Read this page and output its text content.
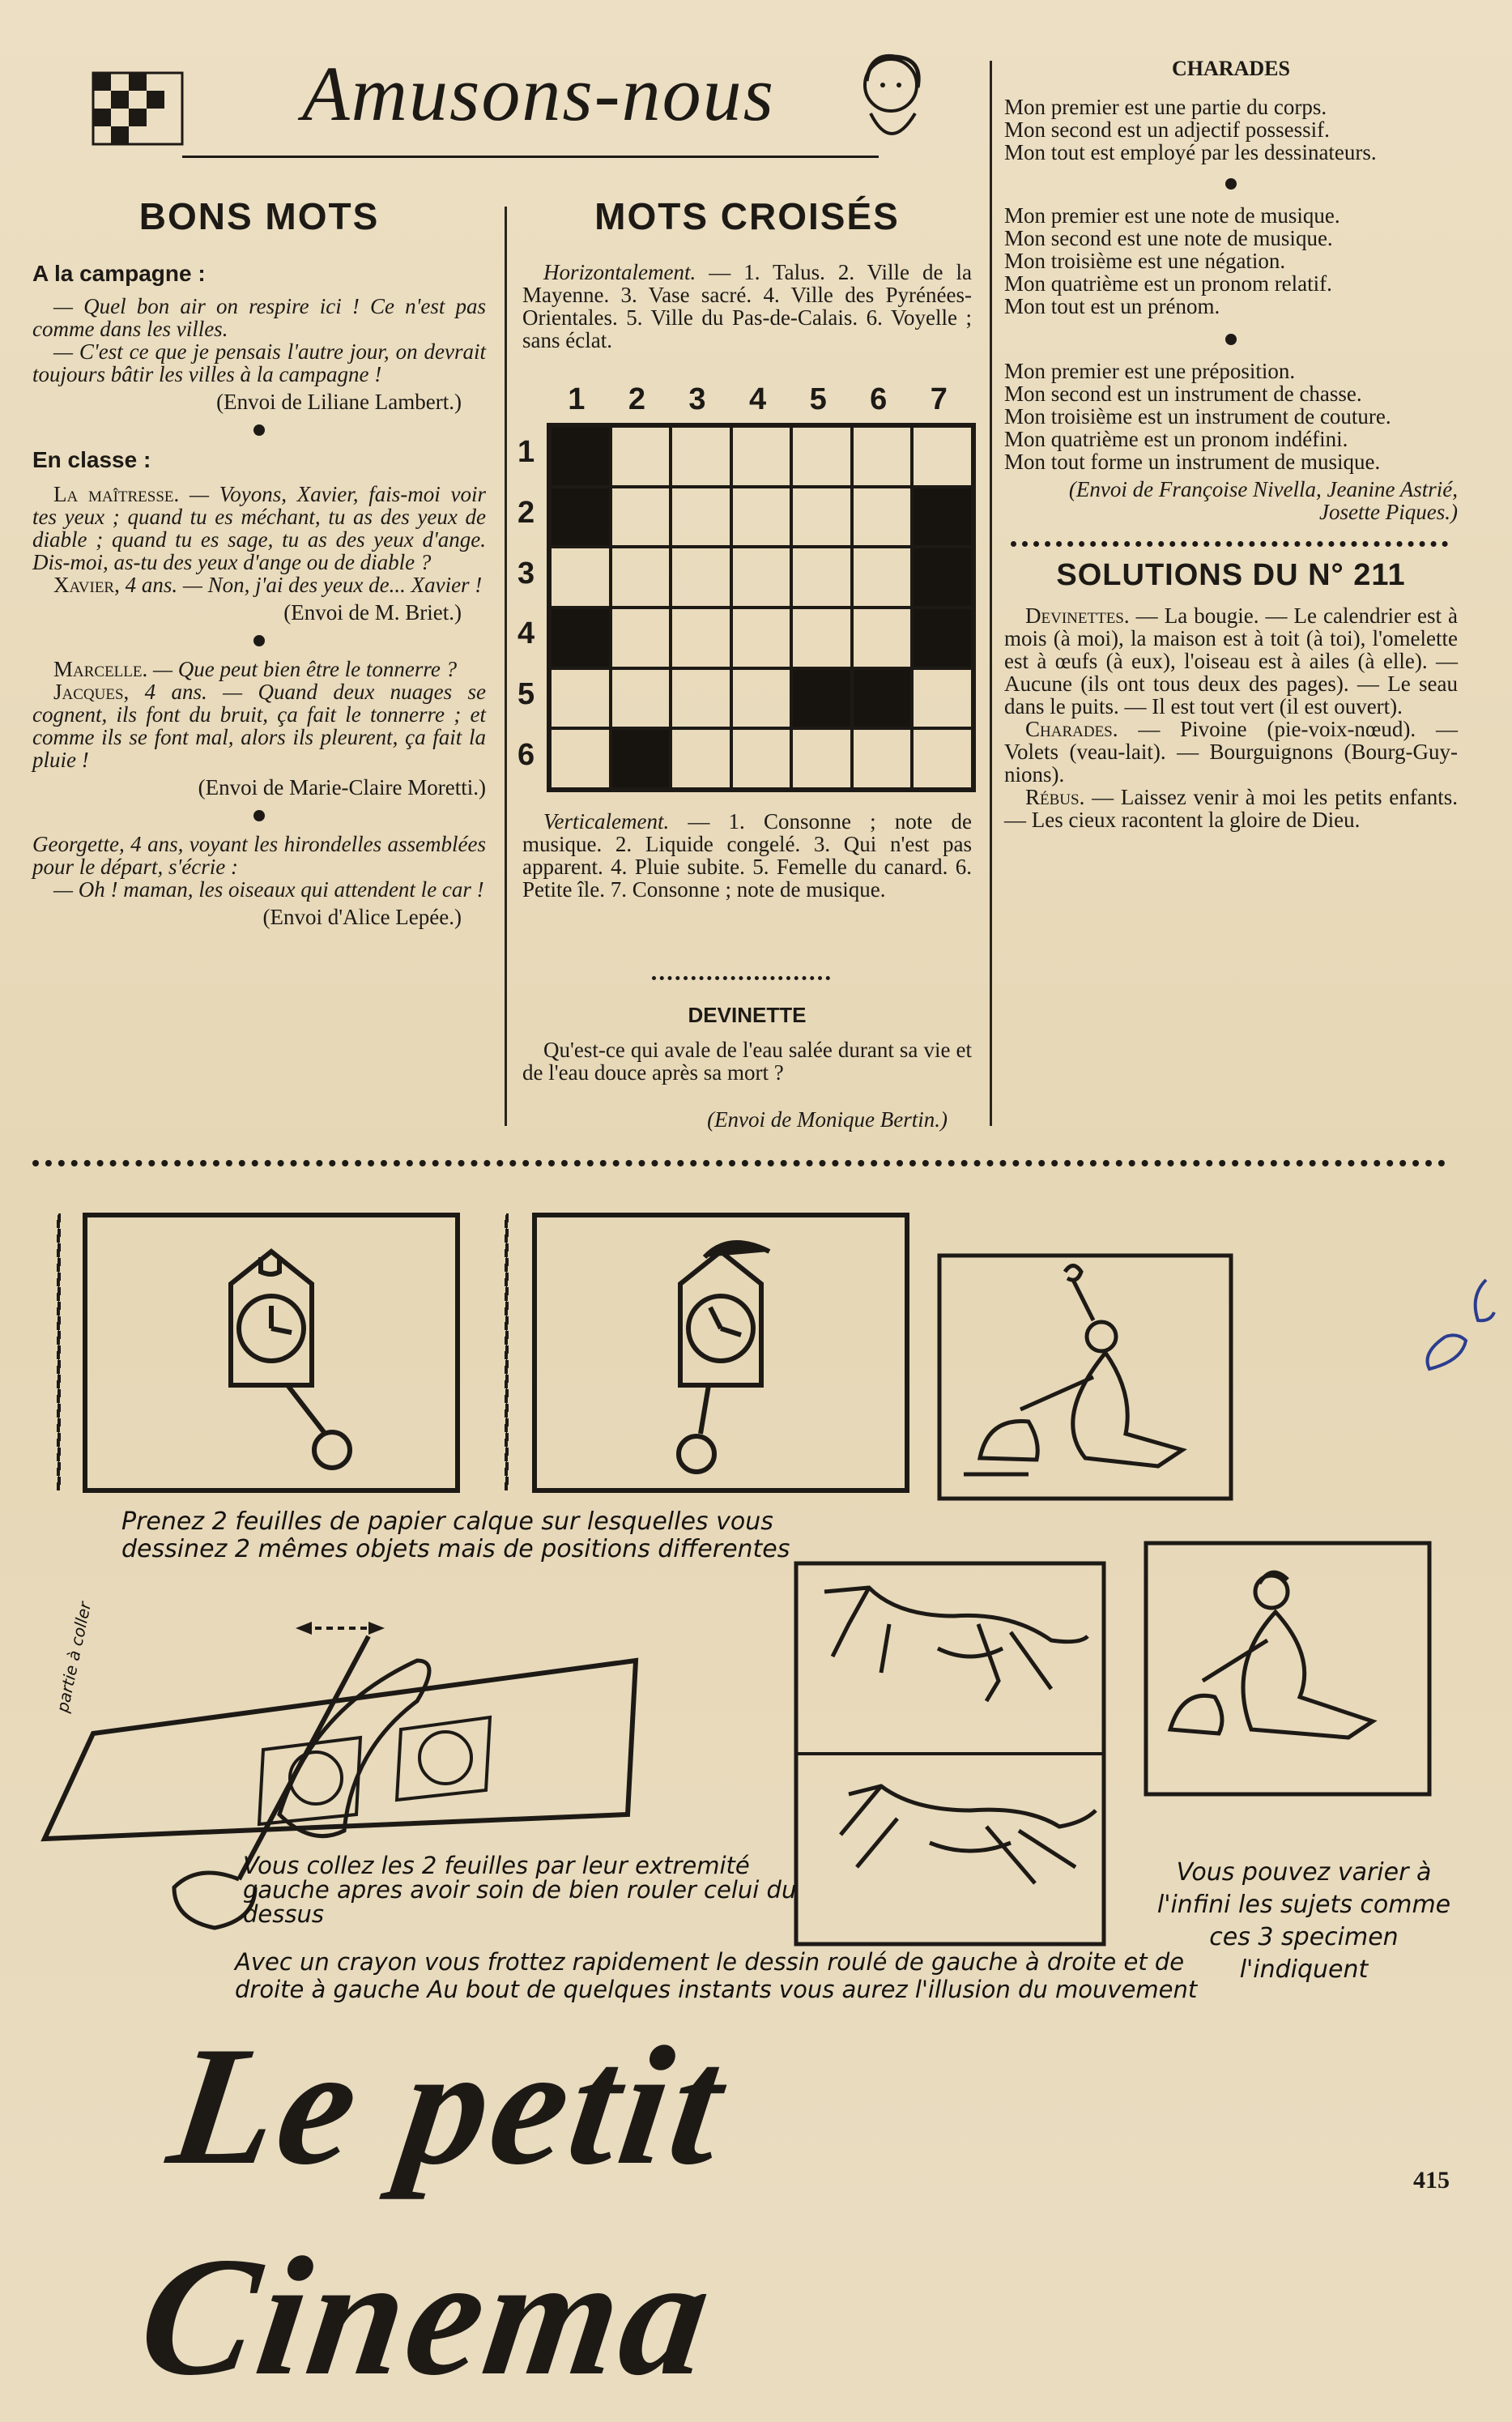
Amusons-nous
BONS MOTS
A la campagne :
— Quel bon air on respire ici ! Ce n'est pas comme dans les villes.
— C'est ce que je pensais l'autre jour, on devrait toujours bâtir les villes à la campagne !
(Envoi de Liliane Lambert.)
En classe :
La maîtresse. — Voyons, Xavier, fais-moi voir tes yeux ; quand tu es méchant, tu as des yeux de diable ; quand tu es sage, tu as des yeux d'ange. Dis-moi, as-tu des yeux d'ange ou de diable ?
Xavier, 4 ans. — Non, j'ai des yeux de... Xavier !
(Envoi de M. Briet.)
Marcelle. — Que peut bien être le tonnerre ?
Jacques, 4 ans. — Quand deux nuages se cognent, ils font du bruit, ça fait le tonnerre ; et comme ils se font mal, alors ils pleurent, ça fait la pluie !
(Envoi de Marie-Claire Moretti.)
Georgette, 4 ans, voyant les hirondelles assemblées pour le départ, s'écrie :
— Oh ! maman, les oiseaux qui attendent le car !
(Envoi d'Alice Lepée.)
MOTS CROISÉS
Horizontalement. — 1. Talus. 2. Ville de la Mayenne. 3. Vase sacré. 4. Ville des Pyrénées-Orientales. 5. Ville du Pas-de-Calais. 6. Voyelle ; sans éclat.
1 2 3 4 5 6 7
1
2
3
4
5
6
Verticalement. — 1. Consonne ; note de musique. 2. Liquide congelé. 3. Qui n'est pas apparent. 4. Pluie subite. 5. Femelle du canard. 6. Petite île. 7. Consonne ; note de musique.
DEVINETTE
Qu'est-ce qui avale de l'eau salée durant sa vie et de l'eau douce après sa mort ?
(Envoi de Monique Bertin.)
CHARADES
Mon premier est une partie du corps.
Mon second est un adjectif possessif.
Mon tout est employé par les dessinateurs.
Mon premier est une note de musique.
Mon second est une note de musique.
Mon troisième est une négation.
Mon quatrième est un pronom relatif.
Mon tout est un prénom.
Mon premier est une préposition.
Mon second est un instrument de chasse.
Mon troisième est un instrument de couture.
Mon quatrième est un pronom indéfini.
Mon tout forme un instrument de musique.
(Envoi de Françoise Nivella, Jeanine Astrié, Josette Piques.)
SOLUTIONS DU N° 211
Devinettes. — La bougie. — Le calendrier est à mois (à moi), la maison est à toit (à toi), l'omelette est à œufs (à eux), l'oiseau est à ailes (à elle). — Aucune (ils ont tous deux des pages). — Le seau dans le puits. — Il est tout vert (il est ouvert).
Charades. — Pivoine (pie-voix-nœud). — Volets (veau-lait). — Bourguignons (Bourg-Guy-nions).
Rébus. — Laissez venir à moi les petits enfants. — Les cieux racontent la gloire de Dieu.
partie à coller
Prenez 2 feuilles de papier calque sur lesquelles vous dessinez 2 mêmes objets mais de positions differentes
Vous collez les 2 feuilles par leur extremité gauche apres avoir soin de bien rouler celui du dessus
Avec un crayon vous frottez rapidement le dessin roulé de gauche à droite et de droite à gauche Au bout de quelques instants vous aurez l'illusion du mouvement
Vous pouvez varier à l'infini les sujets comme ces 3 specimen l'indiquent
Le petit Cinema
415
